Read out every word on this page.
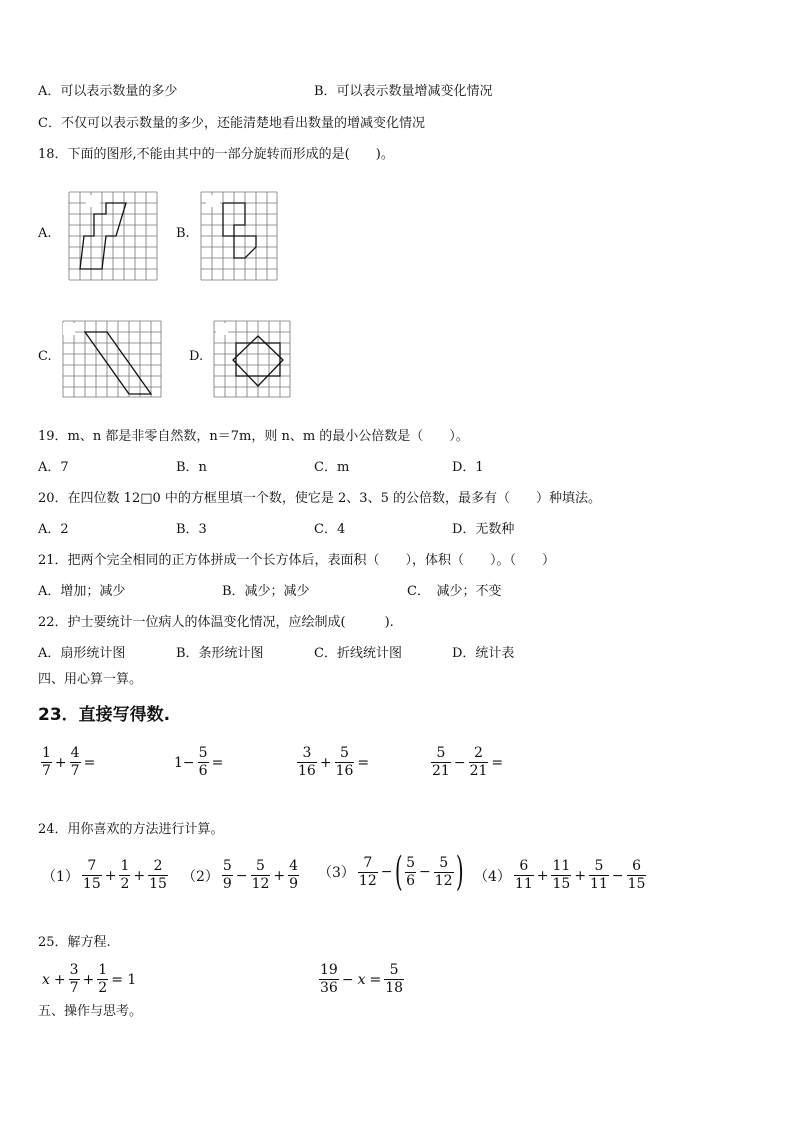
A．可以表示数量的多少	B．可以表示数量增减变化情况
C．不仅可以表示数量的多少，还能清楚地看出数量的增减变化情况
18．下面的图形,不能由其中的一部分旋转而形成的是(　　)。
A.	B.
C.	D.
19．m、n 都是非零自然数，n＝7m，则 n、m 的最小公倍数是（　　）。
A．7	B．n	C．m	D．1
20．在四位数 12□0 中的方框里填一个数，使它是 2、3、5 的公倍数，最多有（　　）种填法。
A．2	B．3	C．4	D．无数种
21．把两个完全相同的正方体拼成一个长方体后，表面积（　　），体积（　　）。（　　）
A．增加；减少	B．减少；减少	C．　减少；不变
22．护士要统计一位病人的体温变化情况，应绘制成(　　　).
A．扇形统计图	B．条形统计图	C．折线统计图	D．统计表
四、用心算一算。
23．直接写得数.
$\frac{1}{7} + \frac{4}{7}$ =	$1- \frac{5}{6}$ =	$\frac{3}{16} + \frac{5}{16}$ =	$\frac{5}{21} - \frac{2}{21}$ =
24．用你喜欢的方法进行计算。
$(1) \frac{7}{15} + \frac{1}{2} + \frac{2}{15} (2) \frac{5}{9} - \frac{5}{12} + \frac{4}{9} (3) \frac{7}{12}$ − ( $\frac{5}{6} - \frac{5}{12}$ ) $(4) \frac{6}{11} + \frac{11}{15} + \frac{5}{11} - \frac{6}{15}$
25．解方程.
$x + \frac{3}{7} + \frac{1}{2} = 1$	$\frac{19}{36} - x = \frac{5}{18}$
五、操作与思考。
